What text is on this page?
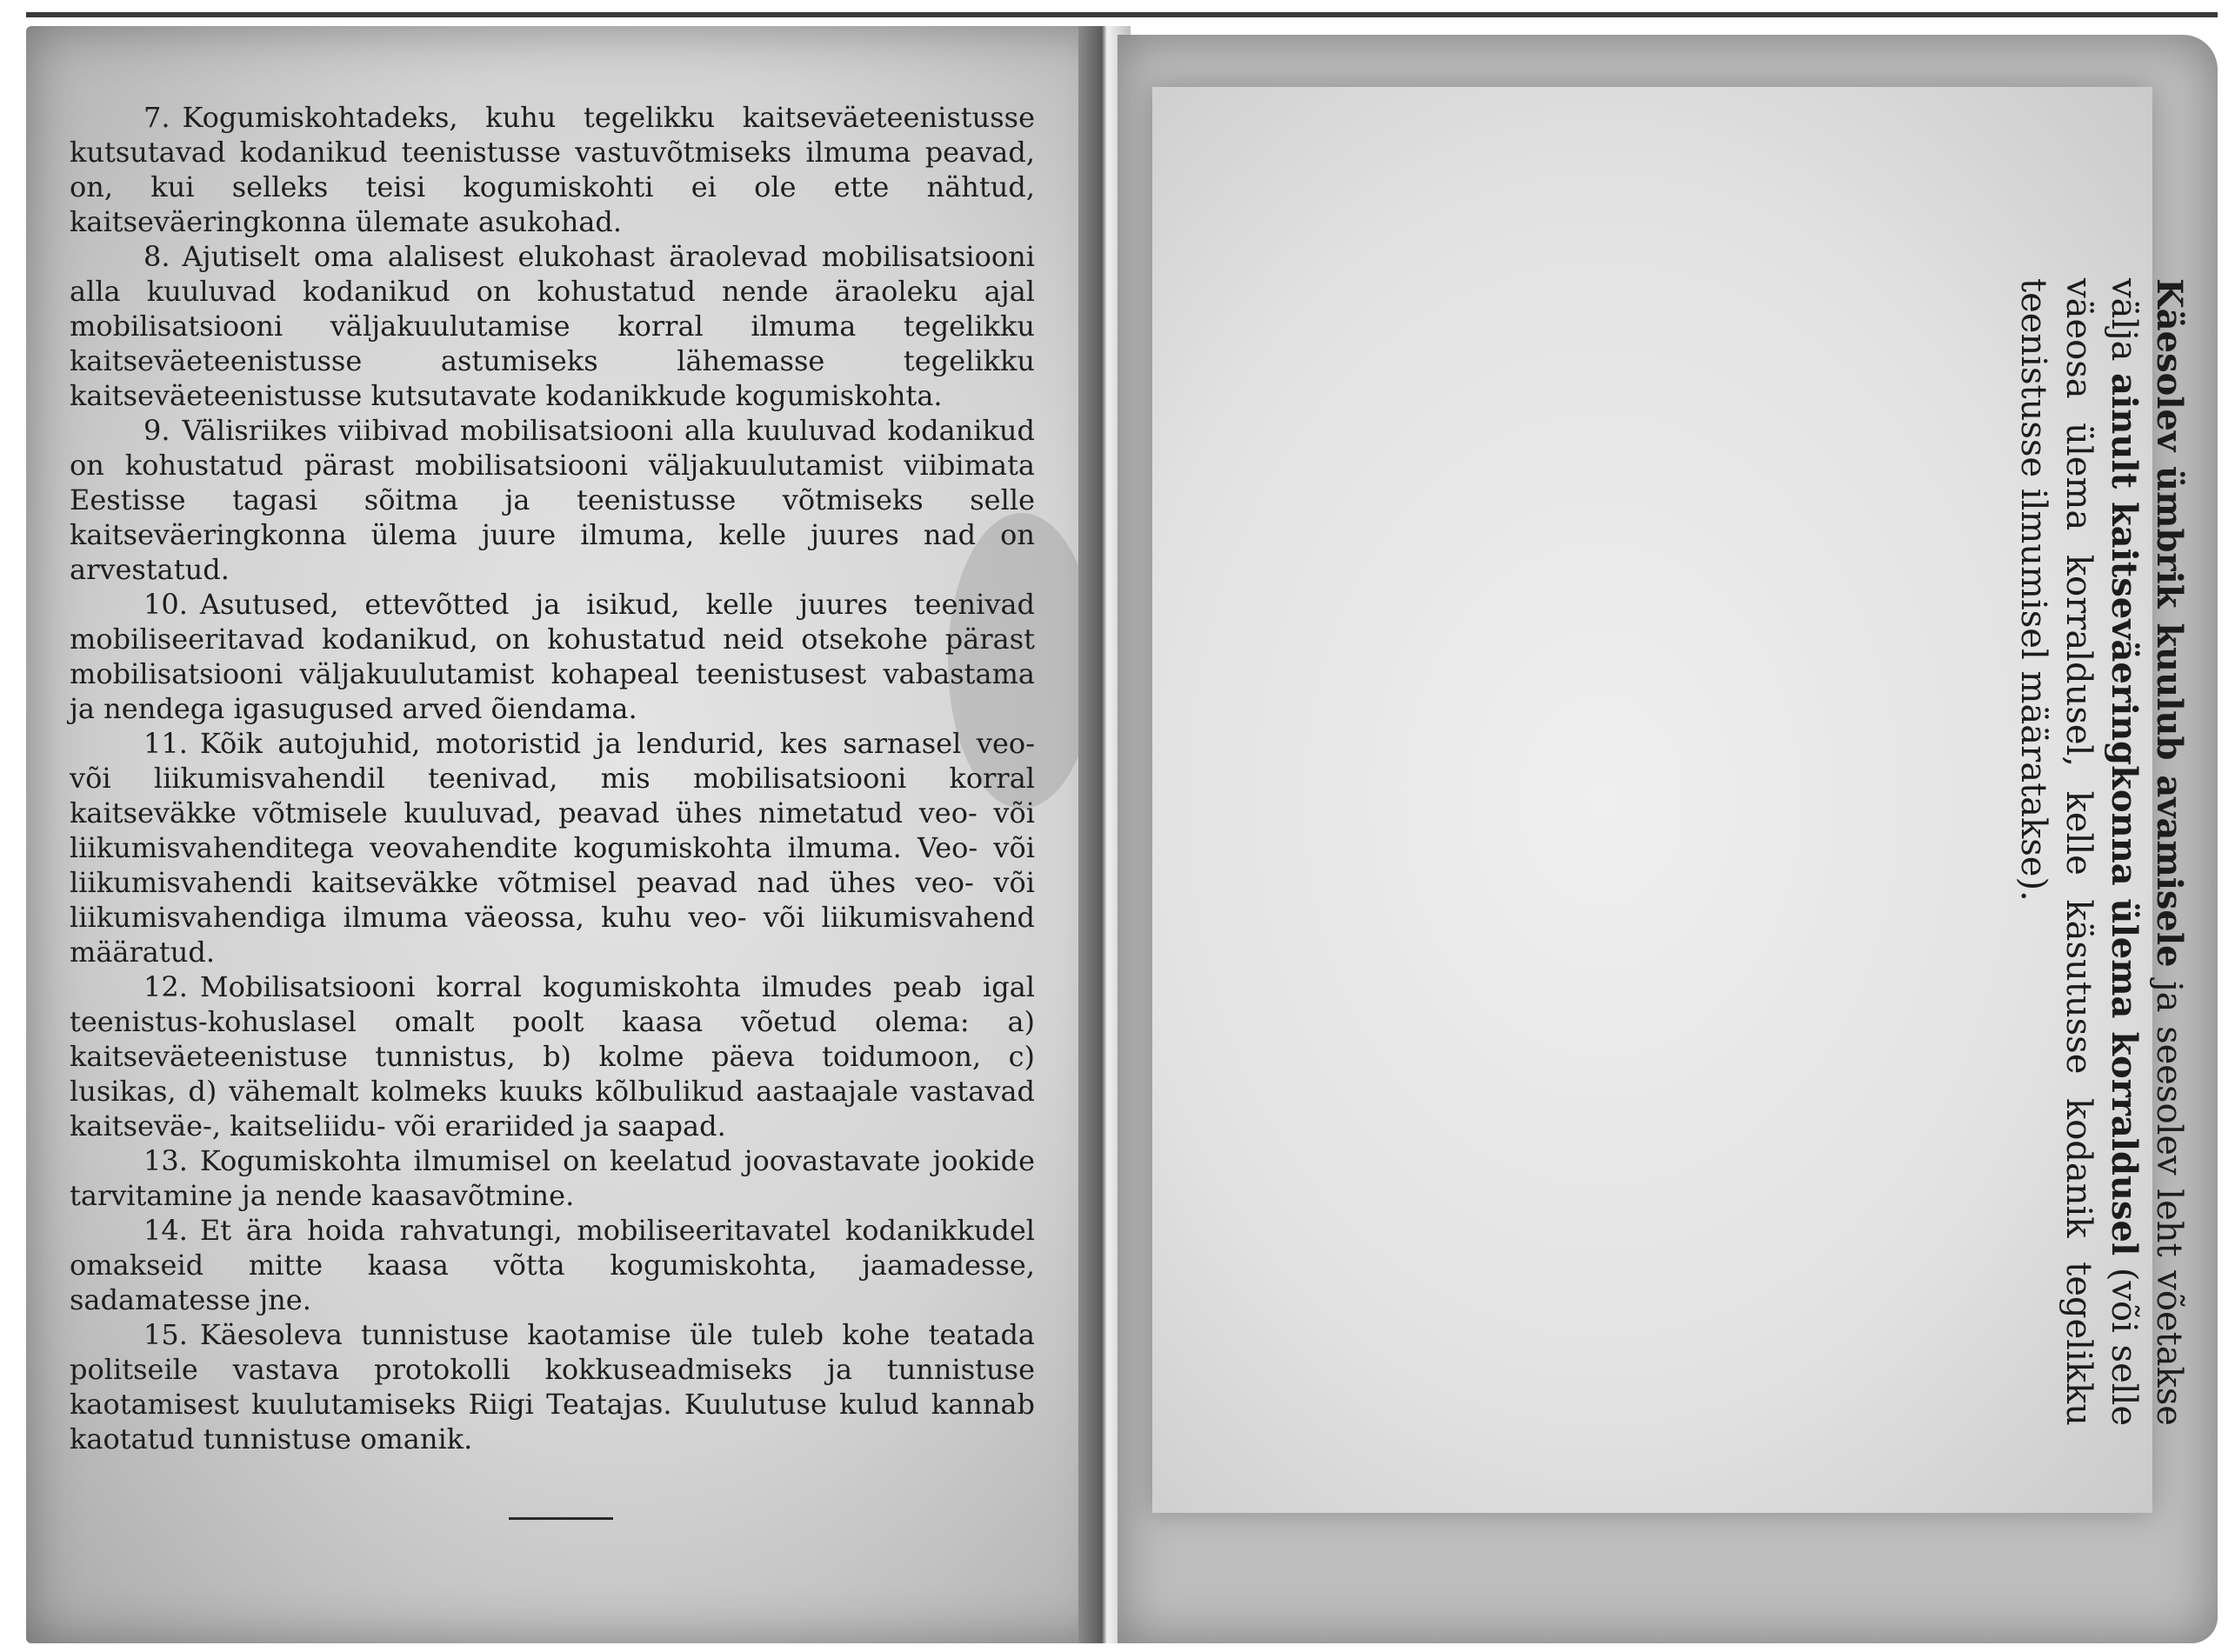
7. Kogumiskohtadeks, kuhu tegelikku kaitseväeteenistusse kutsutavad kodanikud teenistusse vastuvõtmiseks ilmuma peavad, on, kui selleks teisi kogumiskohti ei ole ette nähtud, kaitseväeringkonna ülemate asukohad.

8. Ajutiselt oma alalisest elukohast äraolevad mobilisatsiooni alla kuuluvad kodanikud on kohustatud nende äraoleku ajal mobilisatsiooni väljakuulutamise korral ilmuma tegelikku kaitseväeteenistusse astumiseks lähemasse tegelikku kaitseväeteenistusse kutsutavate kodanikkude kogumiskohta.

9. Välisriikes viibivad mobilisatsiooni alla kuuluvad kodanikud on kohustatud pärast mobilisatsiooni väljakuulutamist viibimata Eestisse tagasi sõitma ja teenistusse võtmiseks selle kaitseväeringkonna ülema juure ilmuma, kelle juures nad on arvestatud.

10. Asutused, ettevõtted ja isikud, kelle juures teenivad mobiliseeritavad kodanikud, on kohustatud neid otsekohe pärast mobilisatsiooni väljakuulutamist kohapeal teenistusest vabastama ja nendega igasugused arved õiendama.

11. Kõik autojuhid, motoristid ja lendurid, kes sarnasel veo- või liikumisvahendil teenivad, mis mobilisatsiooni korral kaitseväkke võtmisele kuuluvad, peavad ühes nimetatud veo- või liikumisvahenditega veovahendite kogumiskohta ilmuma. Veo- või liikumisvahendi kaitseväkke võtmisel peavad nad ühes veo- või liikumisvahendiga ilmuma väeossa, kuhu veo- või liikumisvahend määratud.

12. Mobilisatsiooni korral kogumiskohta ilmudes peab igal teenistus-kohuslasel omalt poolt kaasa võetud olema: a) kaitseväeteenistuse tunnistus, b) kolme päeva toidumoon, c) lusikas, d) vähemalt kolmeks kuuks kõlbulikud aastaajale vastavad kaitseväe-, kaitseliidu- või erariided ja saapad.

13. Kogumiskohta ilmumisel on keelatud joovastavate jookide tarvitamine ja nende kaasavõtmine.

14. Et ära hoida rahvatungi, mobiliseeritavatel kodanikkudel omakseid mitte kaasa võtta kogumiskohta, jaamadesse, sadamatesse jne.

15. Käesoleva tunnistuse kaotamise üle tuleb kohe teatada politseile vastava protokolli kokkuseadmiseks ja tunnistuse kaotamisest kuulutamiseks Riigi Teatajas. Kuulutuse kulud kannab kaotatud tunnistuse omanik.

Käesolev ümbrik kuulub avamisele ja seesolev leht võetakse välja ainult kaitseväeringkonna ülema korraldusel (või selle väeosa ülema korraldusel, kelle käsutusse kodanik tegelikku teenistusse ilmumisel määratakse).
